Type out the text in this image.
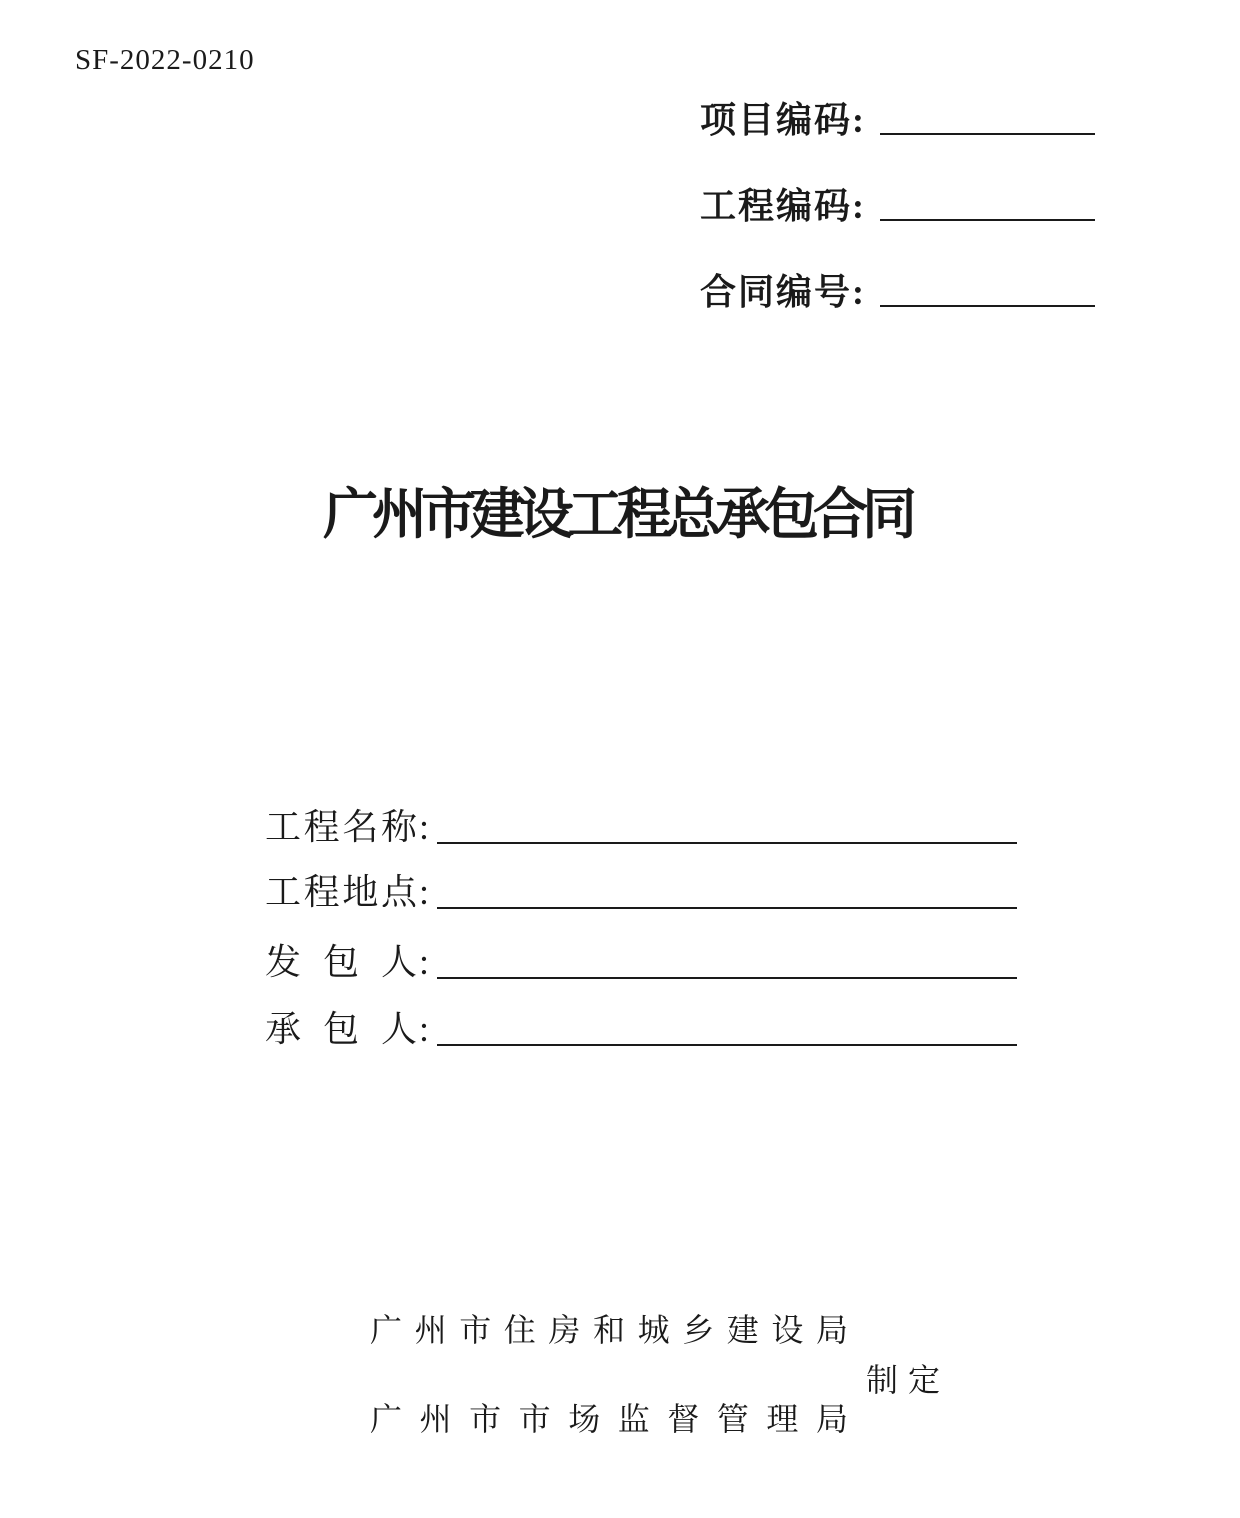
SF-2022-0210
项目编码:
工程编码:
合同编号:
广州市建设工程总承包合同
工程名称 :
工程地点 :
发包人 :
承包人 :
广州市住房和城乡建设局
制定
广州市市场监督管理局
